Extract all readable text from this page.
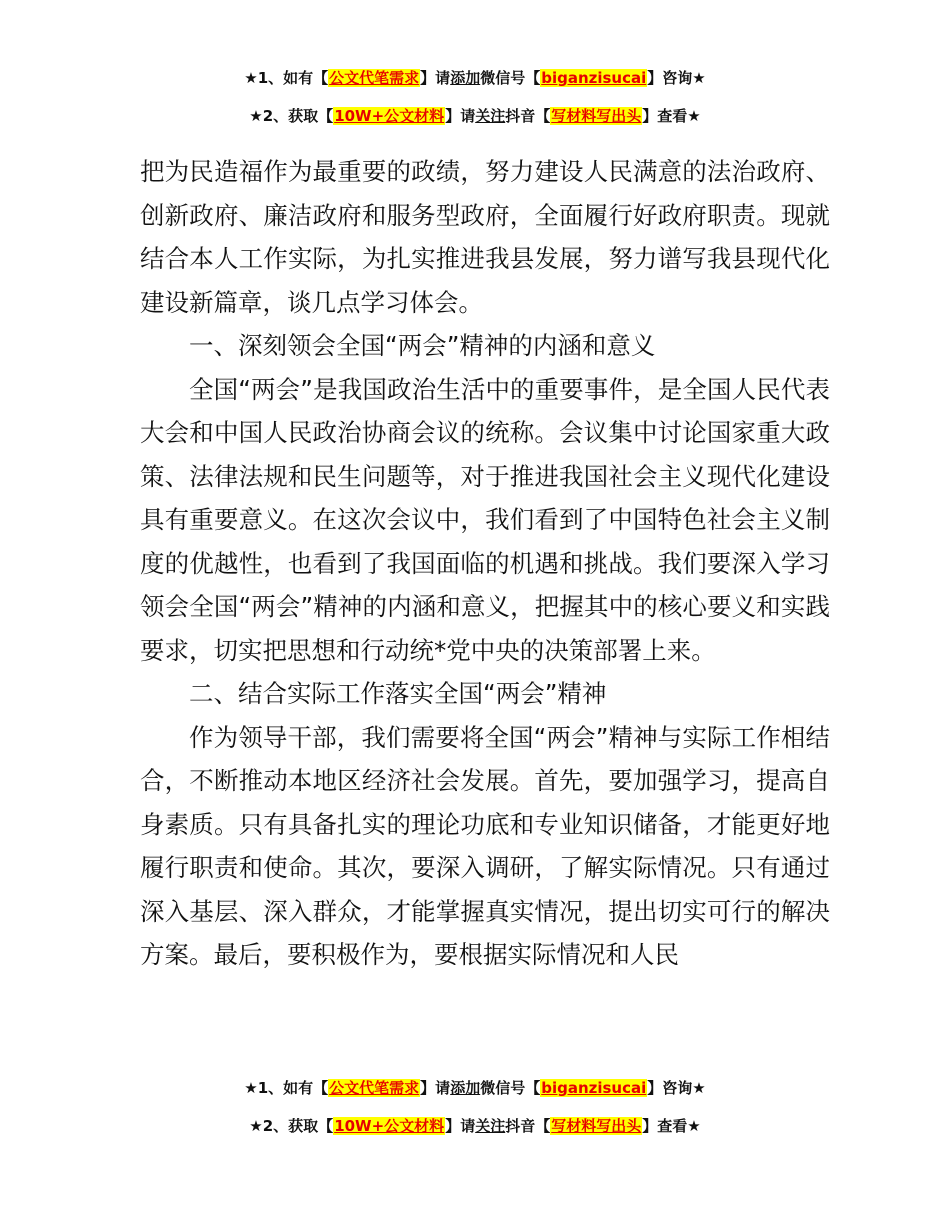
★1、如有【公文代笔需求】请添加微信号【biganzisucai】咨询★
★2、获取【10W+公文材料】请关注抖音【写材料写出头】查看★

把为民造福作为最重要的政绩，努力建设人民满意的法治政府、创新政府、廉洁政府和服务型政府，全面履行好政府职责。现就结合本人工作实际，为扎实推进我县发展，努力谱写我县现代化建设新篇章，谈几点学习体会。

一、深刻领会全国“两会”精神的内涵和意义

全国“两会”是我国政治生活中的重要事件，是全国人民代表大会和中国人民政治协商会议的统称。会议集中讨论国家重大政策、法律法规和民生问题等，对于推进我国社会主义现代化建设具有重要意义。在这次会议中，我们看到了中国特色社会主义制度的优越性，也看到了我国面临的机遇和挑战。我们要深入学习领会全国“两会”精神的内涵和意义，把握其中的核心要义和实践要求，切实把思想和行动统*党中央的决策部署上来。

二、结合实际工作落实全国“两会”精神

作为领导干部，我们需要将全国“两会”精神与实际工作相结合，不断推动本地区经济社会发展。首先，要加强学习，提高自身素质。只有具备扎实的理论功底和专业知识储备，才能更好地履行职责和使命。其次，要深入调研，了解实际情况。只有通过深入基层、深入群众，才能掌握真实情况，提出切实可行的解决方案。最后，要积极作为，要根据实际情况和人民

★1、如有【公文代笔需求】请添加微信号【biganzisucai】咨询★
★2、获取【10W+公文材料】请关注抖音【写材料写出头】查看★
